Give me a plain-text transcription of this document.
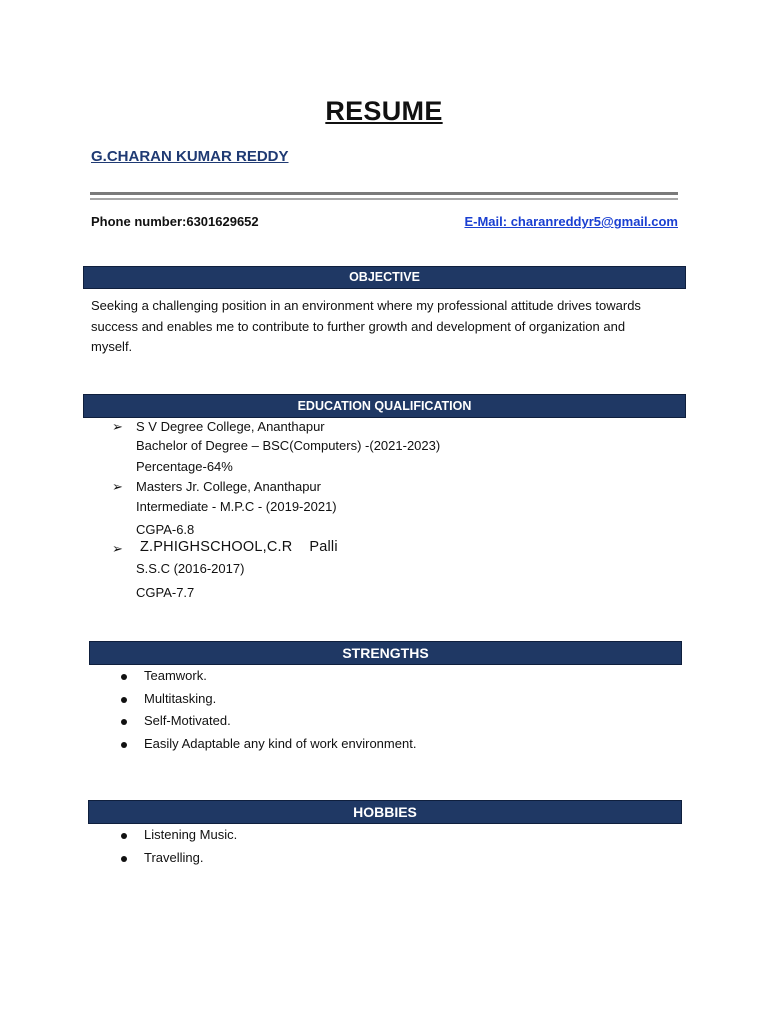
RESUME
G.CHARAN KUMAR REDDY
Phone number:6301629652	E-Mail: charanreddyr5@gmail.com
OBJECTIVE
Seeking a challenging position in an environment where my professional attitude drives towards success and enables me to contribute to further growth and development of organization and myself.
EDUCATION QUALIFICATION
➢ S V Degree College, Ananthapur
Bachelor of Degree – BSC(Computers) -(2021-2023)
Percentage-64%
➢ Masters Jr. College, Ananthapur
Intermediate - M.P.C - (2019-2021)
CGPA-6.8
➢ Z.PHIGHSCHOOL,C.R    Palli
S.S.C (2016-2017)
CGPA-7.7
STRENGTHS
Teamwork.
Multitasking.
Self-Motivated.
Easily Adaptable any kind of work environment.
HOBBIES
Listening Music.
Travelling.
